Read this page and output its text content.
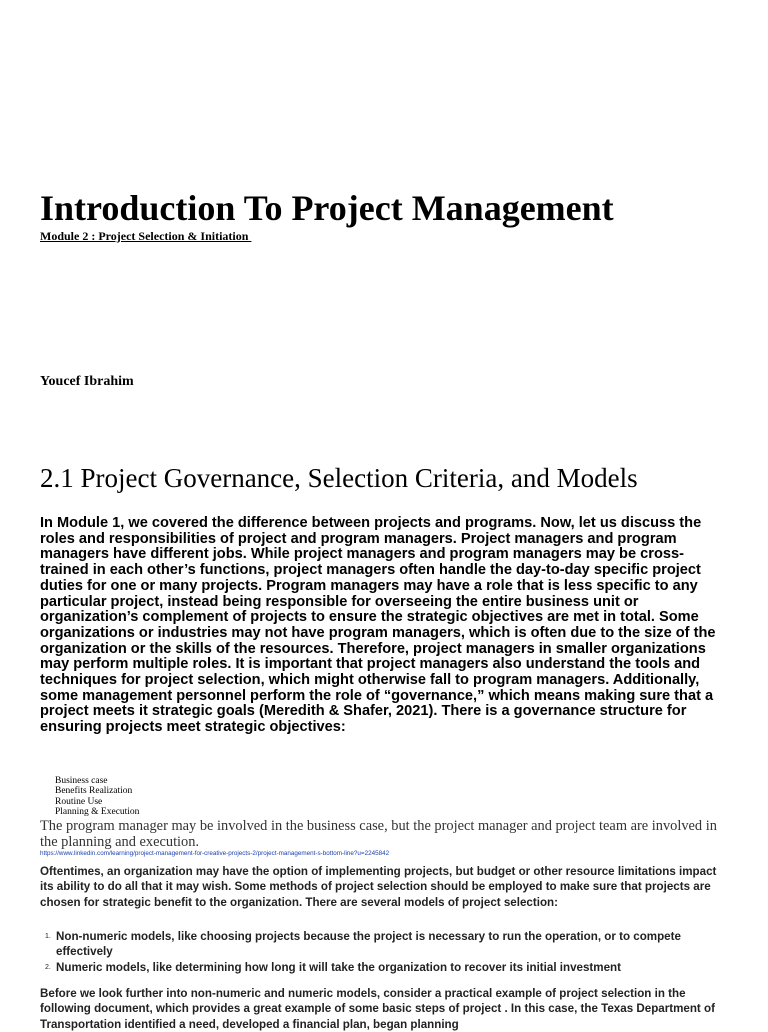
Introduction To Project Management
Module 2 : Project Selection & Initiation
Youcef Ibrahim
2.1 Project Governance, Selection Criteria, and Models

In Module 1, we covered the difference between projects and programs. Now, let us discuss the roles and responsibilities of project and program managers. Project managers and program managers have different jobs. While project managers and program managers may be cross-trained in each other’s functions, project managers often handle the day-to-day specific project duties for one or many projects. Program managers may have a role that is less specific to any particular project, instead being responsible for overseeing the entire business unit or organization’s complement of projects to ensure the strategic objectives are met in total. Some organizations or industries may not have program managers, which is often due to the size of the organization or the skills of the resources. Therefore, project managers in smaller organizations may perform multiple roles. It is important that project managers also understand the tools and techniques for project selection, which might otherwise fall to program managers. Additionally, some management personnel perform the role of “governance,” which means making sure that a project meets it strategic goals (Meredith & Shafer, 2021). There is a governance structure for ensuring projects meet strategic objectives:

Business case
Benefits Realization
Routine Use
Planning & Execution

The program manager may be involved in the business case, but the project manager and project team are involved in the planning and execution.

https://www.linkedin.com/learning/project-management-for-creative-projects-2/project-management-s-bottom-line?u=2245842

Oftentimes, an organization may have the option of implementing projects, but budget or other resource limitations impact its ability to do all that it may wish. Some methods of project selection should be employed to make sure that projects are chosen for strategic benefit to the organization. There are several models of project selection:

1. Non-numeric models, like choosing projects because the project is necessary to run the operation, or to compete effectively
2. Numeric models, like determining how long it will take the organization to recover its initial investment

Before we look further into non-numeric and numeric models, consider a practical example of project selection in the following document, which provides a great example of some basic steps of project . In this case, the Texas Department of Transportation identified a need, developed a financial plan, began planning
